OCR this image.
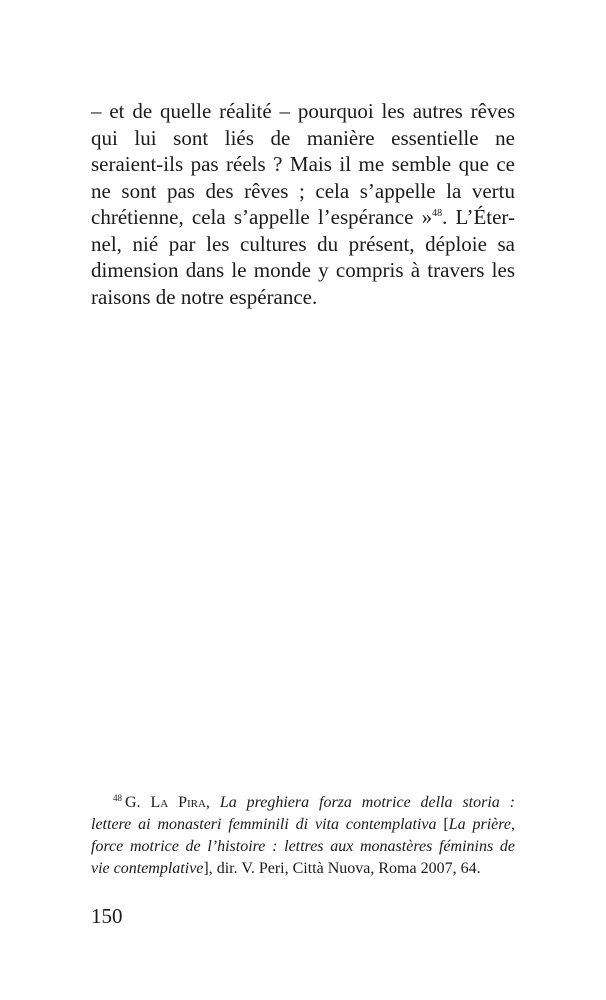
– et de quelle réalité – pourquoi les autres rêves
qui lui sont liés de manière essentielle ne
seraient-ils pas réels ? Mais il me semble que ce
ne sont pas des rêves ; cela s’appelle la vertu
chrétienne, cela s’appelle l’espérance »$^{48}$. L’Éter-
nel, nié par les cultures du présent, déploie sa
dimension dans le monde y compris à travers les
raisons de notre espérance.
$^{48}$ G. La Pira, La preghiera forza motrice della storia :
lettere ai monasteri femminili di vita contemplativa [La prière,
force motrice de l’histoire : lettres aux monastères féminins de
vie contemplative], dir. V. Peri, Città Nuova, Roma 2007, 64.
150
